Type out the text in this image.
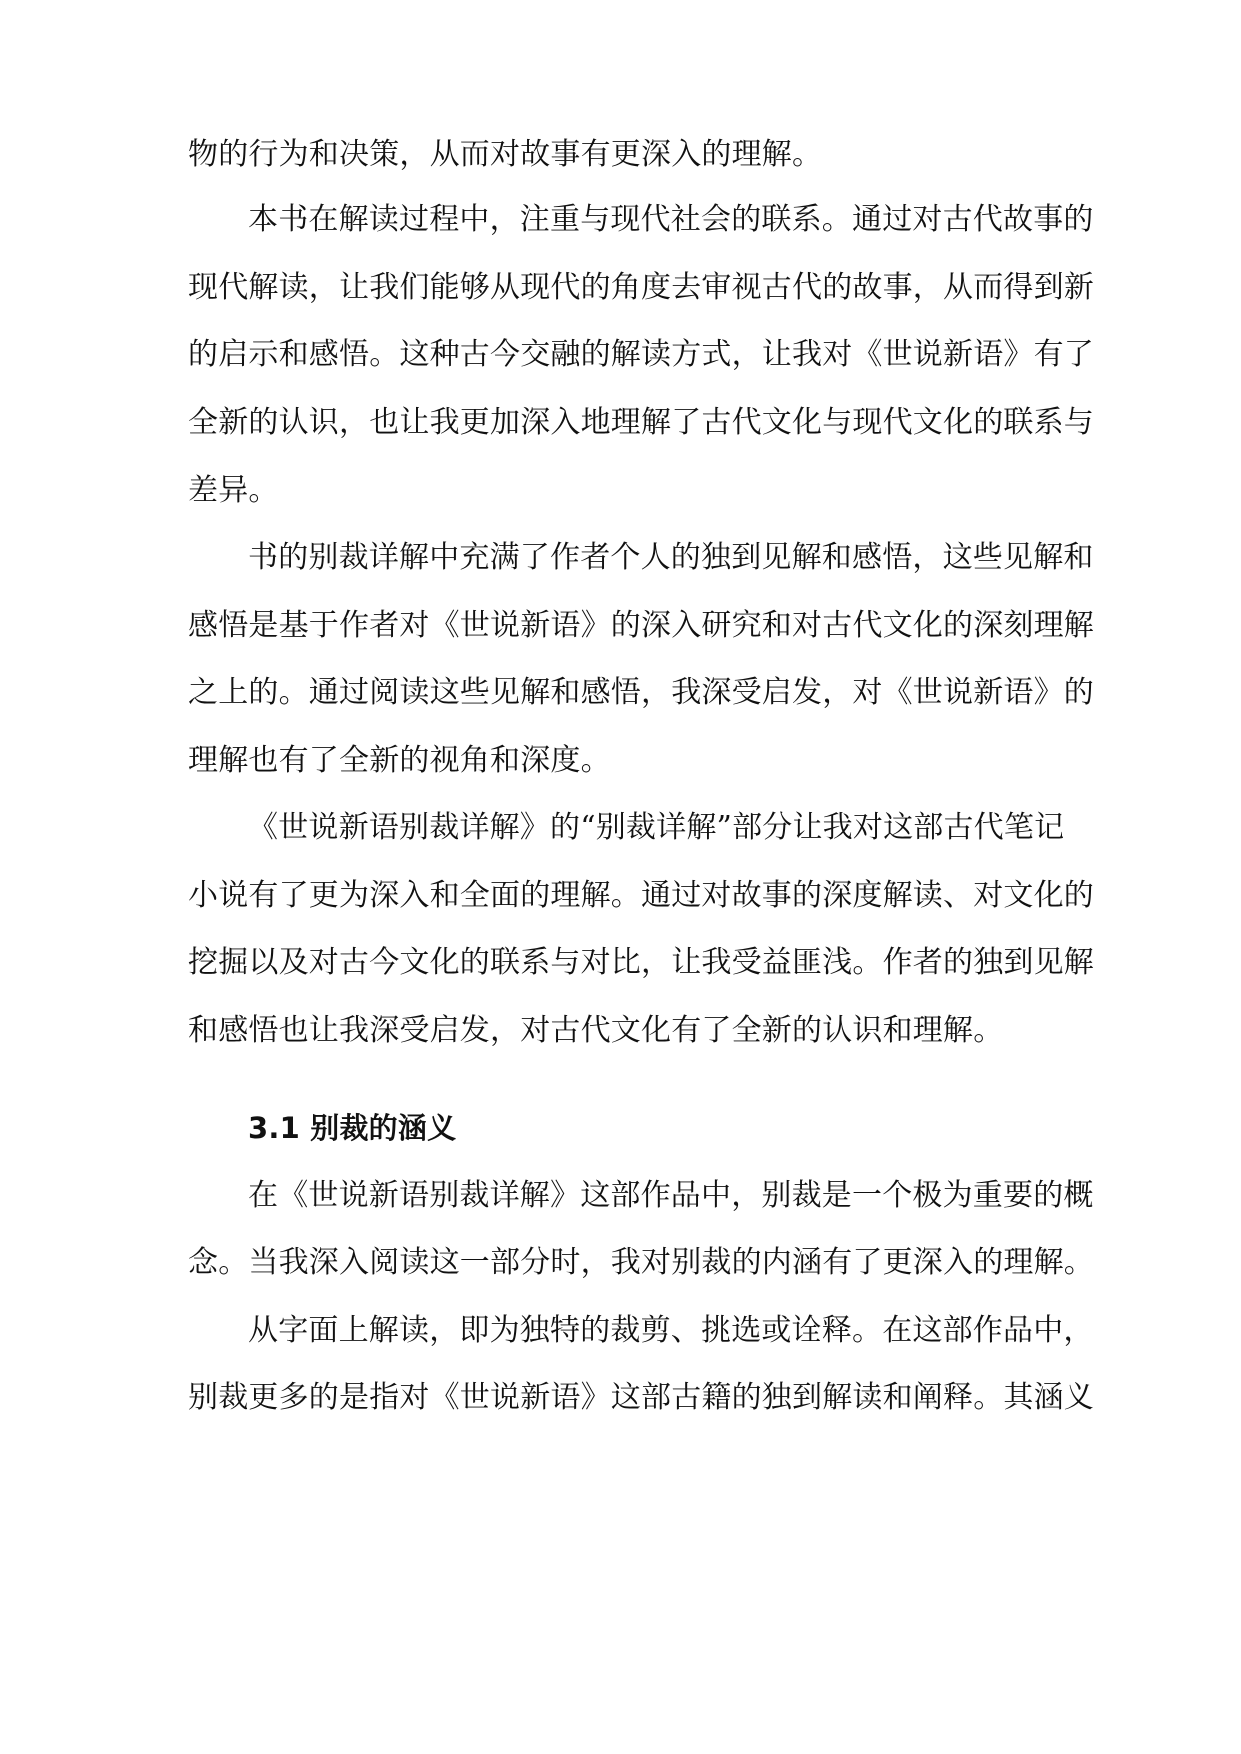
物的行为和决策，从而对故事有更深入的理解。
本书在解读过程中，注重与现代社会的联系。通过对古代故事的
现代解读，让我们能够从现代的角度去审视古代的故事，从而得到新
的启示和感悟。这种古今交融的解读方式，让我对《世说新语》有了
全新的认识，也让我更加深入地理解了古代文化与现代文化的联系与
差异。
书的别裁详解中充满了作者个人的独到见解和感悟，这些见解和
感悟是基于作者对《世说新语》的深入研究和对古代文化的深刻理解
之上的。通过阅读这些见解和感悟，我深受启发，对《世说新语》的
理解也有了全新的视角和深度。
《世说新语别裁详解》的“别裁详解”部分让我对这部古代笔记
小说有了更为深入和全面的理解。通过对故事的深度解读、对文化的
挖掘以及对古今文化的联系与对比，让我受益匪浅。作者的独到见解
和感悟也让我深受启发，对古代文化有了全新的认识和理解。
3.1 别裁的涵义
在《世说新语别裁详解》这部作品中，别裁是一个极为重要的概
念。当我深入阅读这一部分时，我对别裁的内涵有了更深入的理解。
从字面上解读，即为独特的裁剪、挑选或诠释。在这部作品中，
别裁更多的是指对《世说新语》这部古籍的独到解读和阐释。其涵义
